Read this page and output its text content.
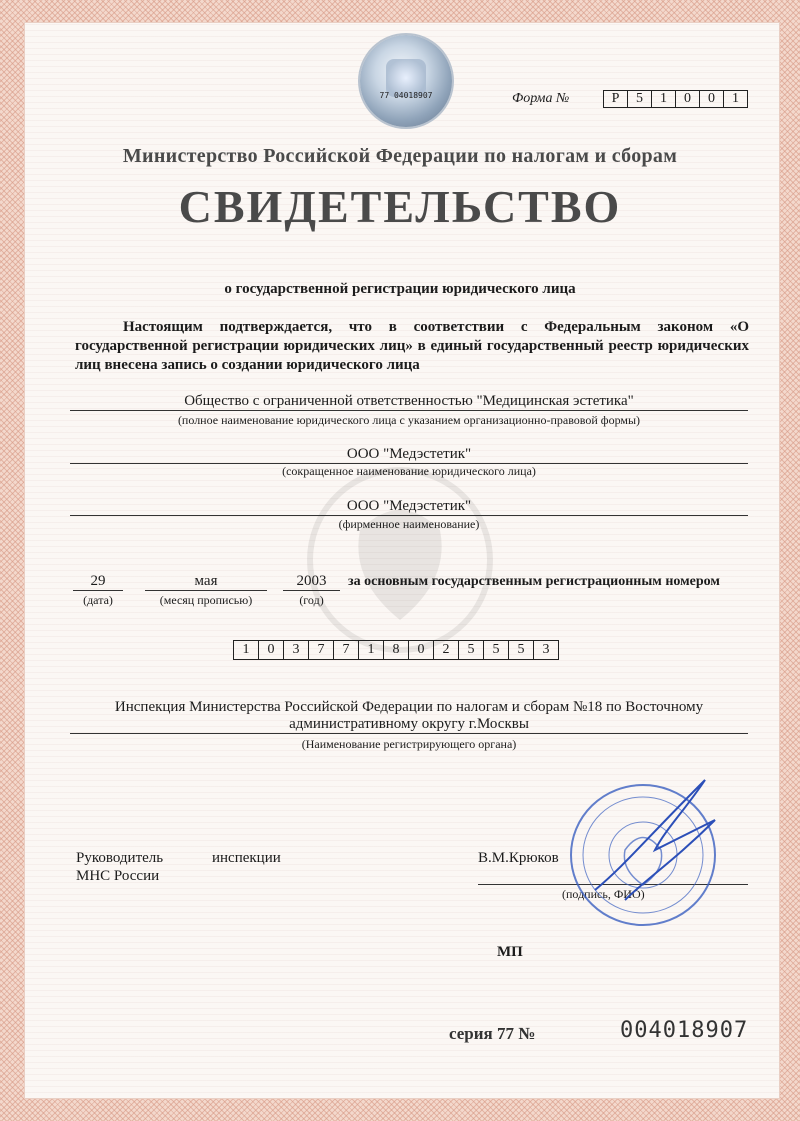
77 04018907	Форма №	Р	5	1	0	0	1
Министерство Российской Федерации по налогам и сборам
СВИДЕТЕЛЬСТВО
о государственной регистрации юридического лица
Настоящим подтверждается, что в соответствии с Федеральным законом «О государственной регистрации юридических лиц» в единый государственный реестр юридических лиц внесена запись о создании юридического лица
Общество с ограниченной ответственностью "Медицинская эстетика"
(полное наименование юридического лица с указанием организационно-правовой формы)
ООО "Медэстетик"
(сокращенное наименование юридического лица)
ООО "Медэстетик"
(фирменное наименование)
29
(дата)
мая
(месяц прописью)
2003
(год)
за основным государственным регистрационным номером
1	0	3	7	7	1	8	0	2	5	5	5	3
Инспекция Министерства Российской Федерации по налогам и сборам №18 по Восточному административному округу г.Москвы
(Наименование регистрирующего органа)
Руководитель	инспекции
МНС России
В.М.Крюков
(подпись, ФИО)
МП
серия 77 №	004018907
